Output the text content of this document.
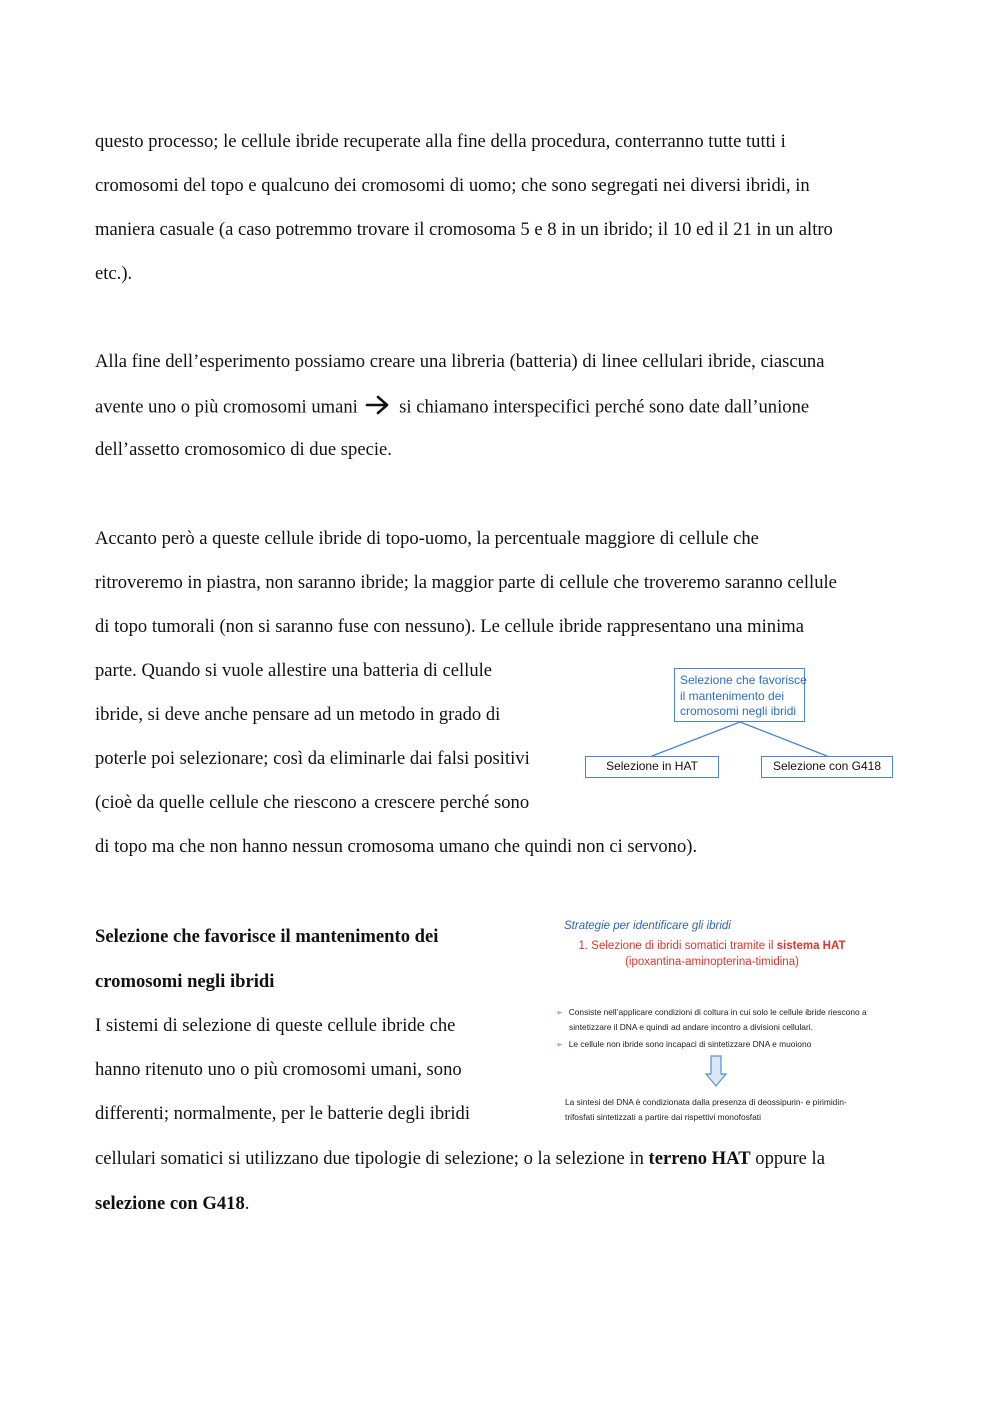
questo processo; le cellule ibride recuperate alla fine della procedura, conterranno tutte tutti i
cromosomi del topo e qualcuno dei cromosomi di uomo; che sono segregati nei diversi ibridi, in
maniera casuale (a caso potremmo trovare il cromosoma 5 e 8 in un ibrido; il 10 ed il 21 in un altro
etc.).
Alla fine dell’esperimento possiamo creare una libreria (batteria) di linee cellulari ibride, ciascuna
avente uno o più cromosomi umani si chiamano interspecifici perché sono date dall’unione
dell’assetto cromosomico di due specie.
Accanto però a queste cellule ibride di topo-uomo, la percentuale maggiore di cellule che
ritroveremo in piastra, non saranno ibride; la maggior parte di cellule che troveremo saranno cellule
di topo tumorali (non si saranno fuse con nessuno). Le cellule ibride rappresentano una minima
parte. Quando si vuole allestire una batteria di cellule
ibride, si deve anche pensare ad un metodo in grado di
poterle poi selezionare; così da eliminarle dai falsi positivi
(cioè da quelle cellule che riescono a crescere perché sono
di topo ma che non hanno nessun cromosoma umano che quindi non ci servono).
Selezione che favorisce
il mantenimento dei
cromosomi negli ibridi
Selezione in HAT	Selezione con G418
Selezione che favorisce il mantenimento dei
cromosomi negli ibridi
I sistemi di selezione di queste cellule ibride che
hanno ritenuto uno o più cromosomi umani, sono
differenti; normalmente, per le batterie degli ibridi
cellulari somatici si utilizzano due tipologie di selezione; o la selezione in terreno HAT oppure la
selezione con G418.
Strategie per identificare gli ibridi
1. Selezione di ibridi somatici tramite il sistema HAT
(ipoxantina-aminopterina-timidina)
➢ Consiste nell’applicare condizioni di coltura in cui solo le cellule ibride riescono a
sintetizzare il DNA e quindi ad andare incontro a divisioni cellulari.
➢ Le cellule non ibride sono incapaci di sintetizzare DNA e muoiono
La sintesi del DNA è condizionata dalla presenza di deossipurin- e pirimidin-
trifosfati sintetizzati a partire dai rispettivi monofosfati
